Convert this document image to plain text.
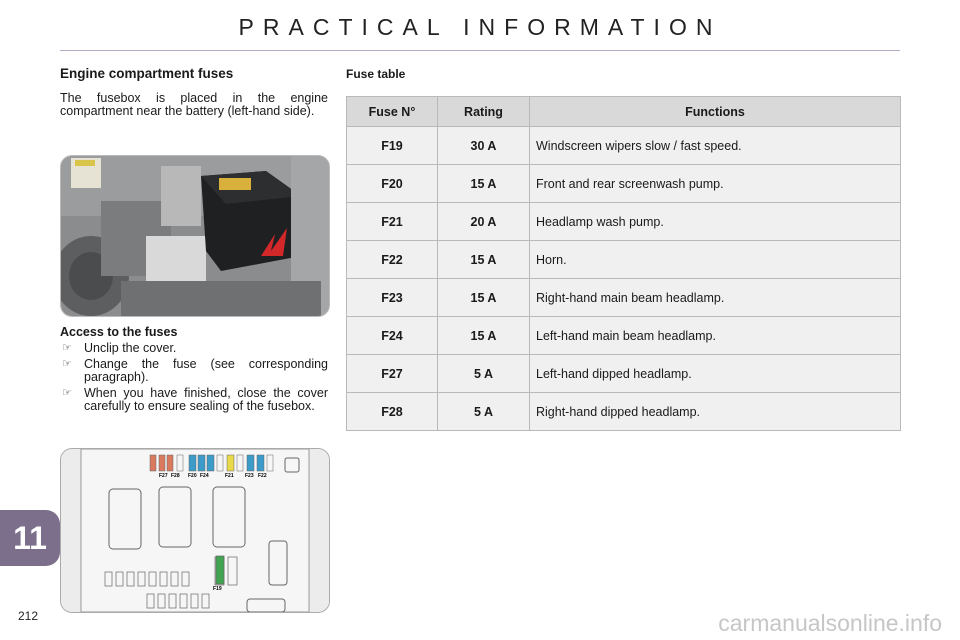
PRACTICAL INFORMATION
Engine compartment fuses
The fusebox is placed in the engine compartment near the battery (left-hand side).
Access to the fuses
☞ Unclip the cover.
☞ Change the fuse (see corresponding paragraph).
☞ When you have finished, close the cover carefully to ensure sealing of the fusebox.
F27 F28 F20 F24	F21 F23 F22
F19
Fuse table
Fuse N°	Rating	Functions
F19	30 A	Windscreen wipers slow / fast speed.
F20	15 A	Front and rear screenwash pump.
F21	20 A	Headlamp wash pump.
F22	15 A	Horn.
F23	15 A	Right-hand main beam headlamp.
F24	15 A	Left-hand main beam headlamp.
F27	5 A	Left-hand dipped headlamp.
F28	5 A	Right-hand dipped headlamp.
11
212	carmanualsonline.info
